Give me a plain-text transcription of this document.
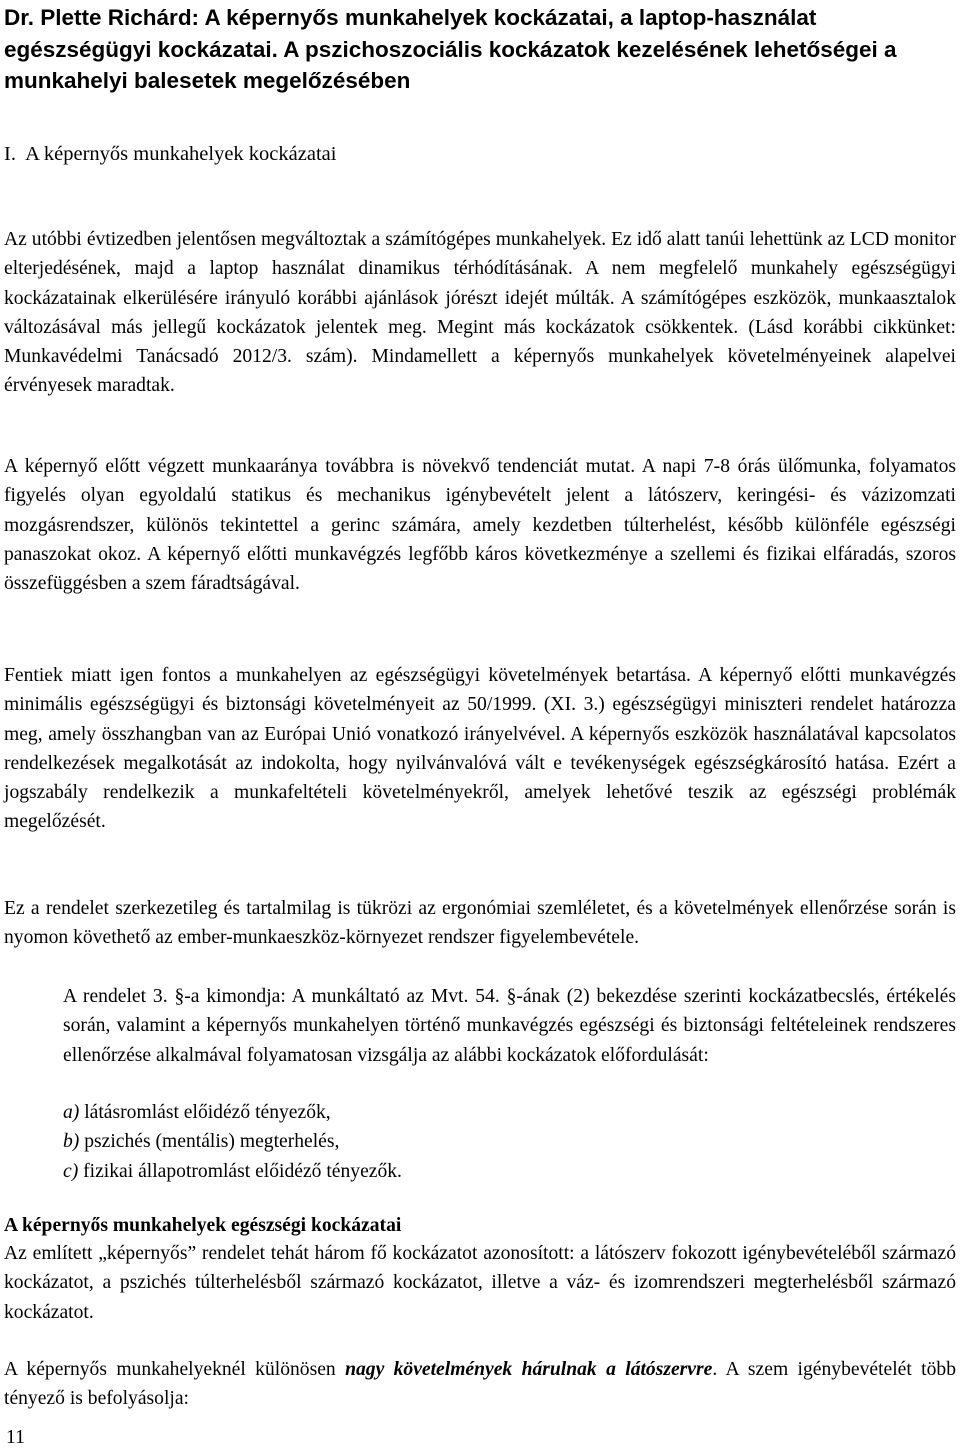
Dr. Plette Richárd: A képernyős munkahelyek kockázatai, a laptop-használat egészségügyi kockázatai. A pszichoszociális kockázatok kezelésének lehetőségei a munkahelyi balesetek megelőzésében
I.  A képernyős munkahelyek kockázatai

Az utóbbi évtizedben jelentősen megváltoztak a számítógépes munkahelyek. Ez idő alatt tanúi lehettünk az LCD monitor elterjedésének, majd a laptop használat dinamikus térhódításának. A nem megfelelő munkahely egészségügyi kockázatainak elkerülésére irányuló korábbi ajánlások jórészt idejét múlták. A számítógépes eszközök, munkaasztalok változásával más jellegű kockázatok jelentek meg. Megint más kockázatok csökkentek. (Lásd korábbi cikkünket: Munkavédelmi Tanácsadó 2012/3. szám). Mindamellett a képernyős munkahelyek követelményeinek alapelvei érvényesek maradtak.

A képernyő előtt végzett munkaaránya továbbra is növekvő tendenciát mutat. A napi 7-8 órás ülőmunka, folyamatos figyelés olyan egyoldalú statikus és mechanikus igénybevételt jelent a látószerv, keringési- és vázizomzati mozgásrendszer, különös tekintettel a gerinc számára, amely kezdetben túlterhelést, később különféle egészségi panaszokat okoz. A képernyő előtti munkavégzés legfőbb káros következménye a szellemi és fizikai elfáradás, szoros összefüggésben a szem fáradtságával.

Fentiek miatt igen fontos a munkahelyen az egészségügyi követelmények betartása. A képernyő előtti munkavégzés minimális egészségügyi és biztonsági követelményeit az 50/1999. (XI. 3.) egészségügyi miniszteri rendelet határozza meg, amely összhangban van az Európai Unió vonatkozó irányelvével. A képernyős eszközök használatával kapcsolatos rendelkezések megalkotását az indokolta, hogy nyilvánvalóvá vált e tevékenységek egészségkárosító hatása. Ezért a jogszabály rendelkezik a munkafeltételi követelményekről, amelyek lehetővé teszik az egészségi problémák megelőzését.

Ez a rendelet szerkezetileg és tartalmilag is tükrözi az ergonómiai szemléletet, és a követelmények ellenőrzése során is nyomon követhető az ember-munkaeszköz-környezet rendszer figyelembevétele.

A rendelet 3. §-a kimondja: A munkáltató az Mvt. 54. §-ának (2) bekezdése szerinti kockázatbecslés, értékelés során, valamint a képernyős munkahelyen történő munkavégzés egészségi és biztonsági feltételeinek rendszeres ellenőrzése alkalmával folyamatosan vizsgálja az alábbi kockázatok előfordulását:

a) látásromlást előidéző tényezők,
b) pszichés (mentális) megterhelés,
c) fizikai állapotromlást előidéző tényezők.
A képernyős munkahelyek egészségi kockázatai

Az említett „képernyős” rendelet tehát három fő kockázatot azonosított: a látószerv fokozott igénybevételéből származó kockázatot, a pszichés túlterhelésből származó kockázatot, illetve a váz- és izomrendszeri megterhelésből származó kockázatot.

A képernyős munkahelyeknél különösen nagy követelmények hárulnak a látószervre. A szem igénybevételét több tényező is befolyásolja:

11
